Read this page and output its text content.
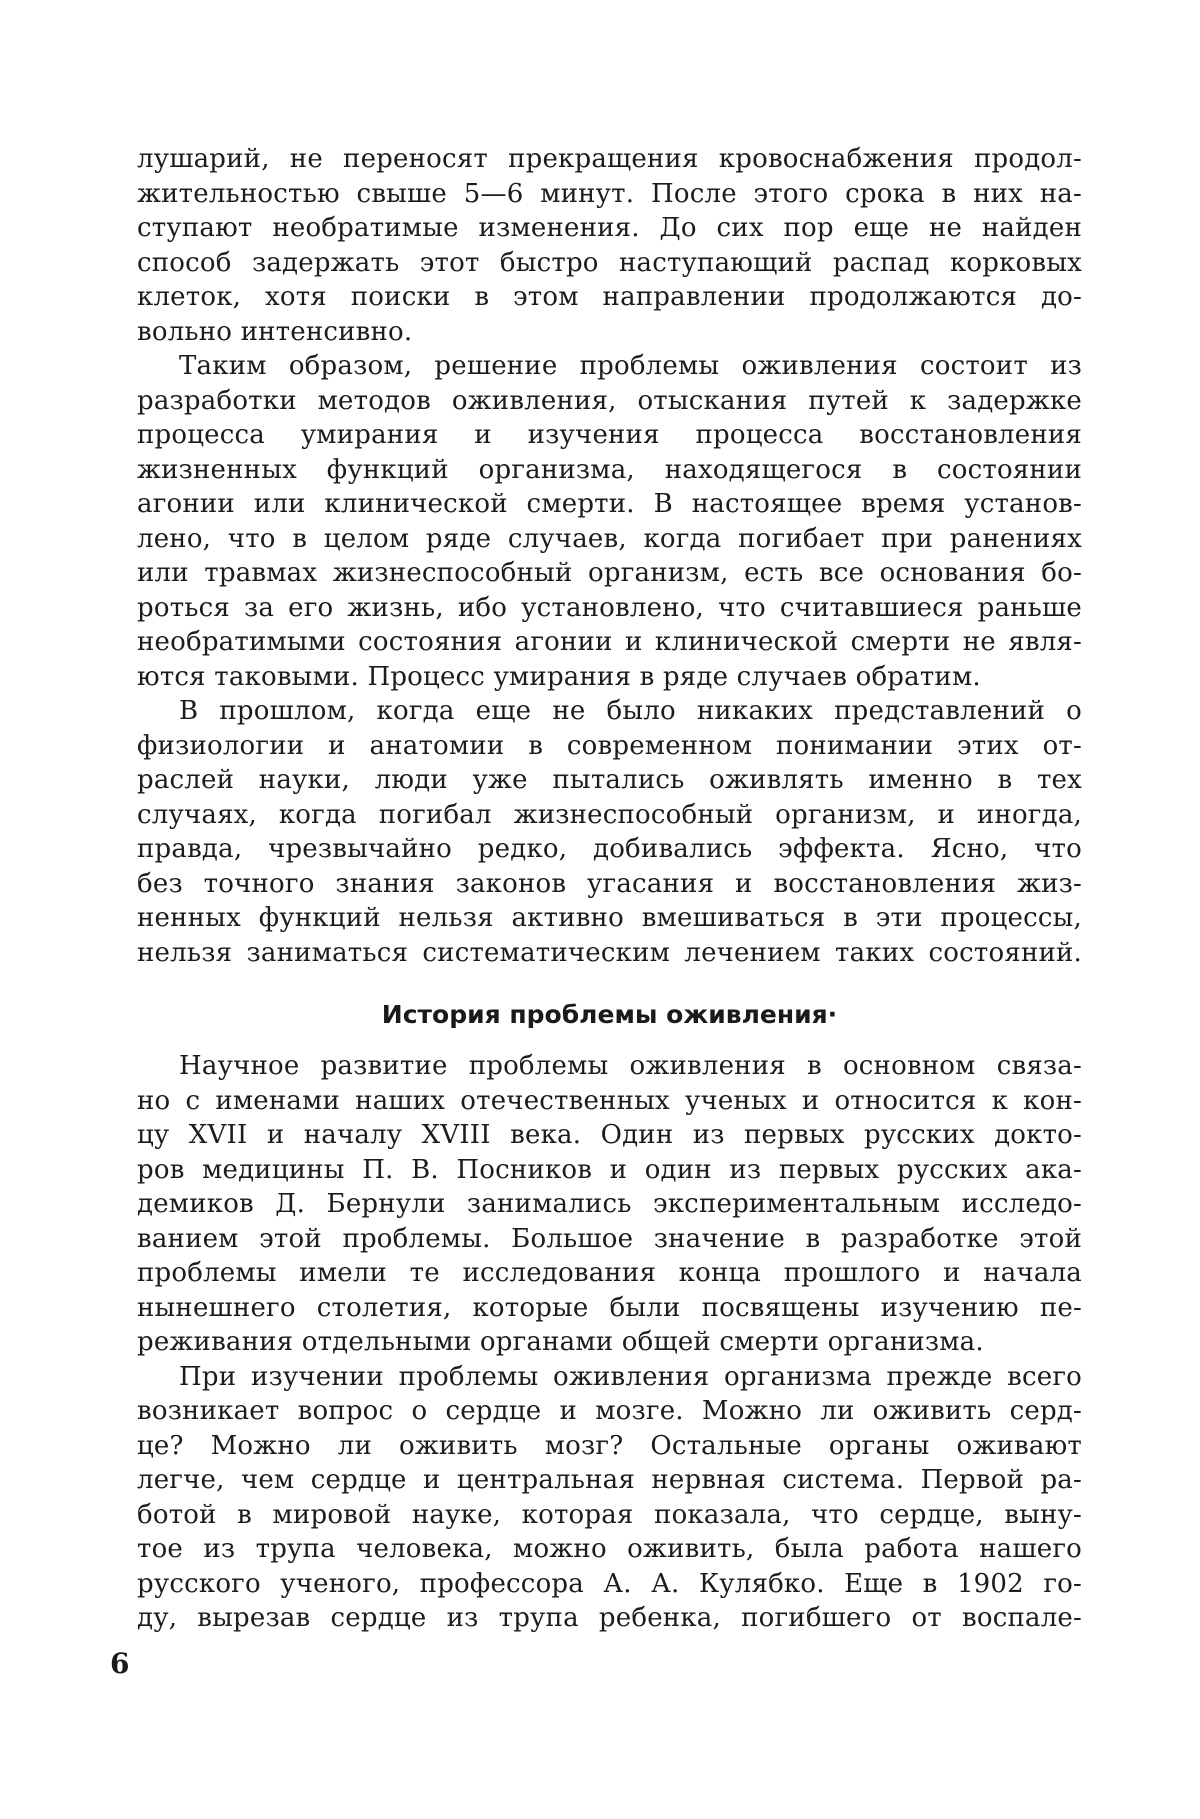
лушарий, не переносят прекращения кровоснабжения продол-
жительностью свыше 5—6 минут. После этого срока в них на-
ступают необратимые изменения. До сих пор еще не найден
способ задержать этот быстро наступающий распад корковых
клеток, хотя поиски в этом направлении продолжаются до-
вольно интенсивно.
Таким образом, решение проблемы оживления состоит из
разработки методов оживления, отыскания путей к задержке
процесса умирания и изучения процесса восстановления
жизненных функций организма, находящегося в состоянии
агонии или клинической смерти. В настоящее время установ-
лено, что в целом ряде случаев, когда погибает при ранениях
или травмах жизнеспособный организм, есть все основания бо-
роться за его жизнь, ибо установлено, что считавшиеся раньше
необратимыми состояния агонии и клинической смерти не явля-
ются таковыми. Процесс умирания в ряде случаев обратим.
В прошлом, когда еще не было никаких представлений о
физиологии и анатомии в современном понимании этих от-
раслей науки, люди уже пытались оживлять именно в тех
случаях, когда погибал жизнеспособный организм, и иногда,
правда, чрезвычайно редко, добивались эффекта. Ясно, что
без точного знания законов угасания и восстановления жиз-
ненных функций нельзя активно вмешиваться в эти процессы,
нельзя заниматься систематическим лечением таких состояний.
История проблемы оживления·
Научное развитие проблемы оживления в основном связа-
но с именами наших отечественных ученых и относится к кон-
цу XVII и началу XVIII века. Один из первых русских докто-
ров медицины П. В. Посников и один из первых русских ака-
демиков Д. Бернули занимались экспериментальным исследо-
ванием этой проблемы. Большое значение в разработке этой
проблемы имели те исследования конца прошлого и начала
нынешнего столетия, которые были посвящены изучению пе-
реживания отдельными органами общей смерти организма.
При изучении проблемы оживления организма прежде всего
возникает вопрос о сердце и мозге. Можно ли оживить серд-
це? Можно ли оживить мозг? Остальные органы оживают
легче, чем сердце и центральная нервная система. Первой ра-
ботой в мировой науке, которая показала, что сердце, выну-
тое из трупа человека, можно оживить, была работа нашего
русского ученого, профессора А. А. Кулябко. Еще в 1902 го-
ду, вырезав сердце из трупа ребенка, погибшего от воспале-
6
